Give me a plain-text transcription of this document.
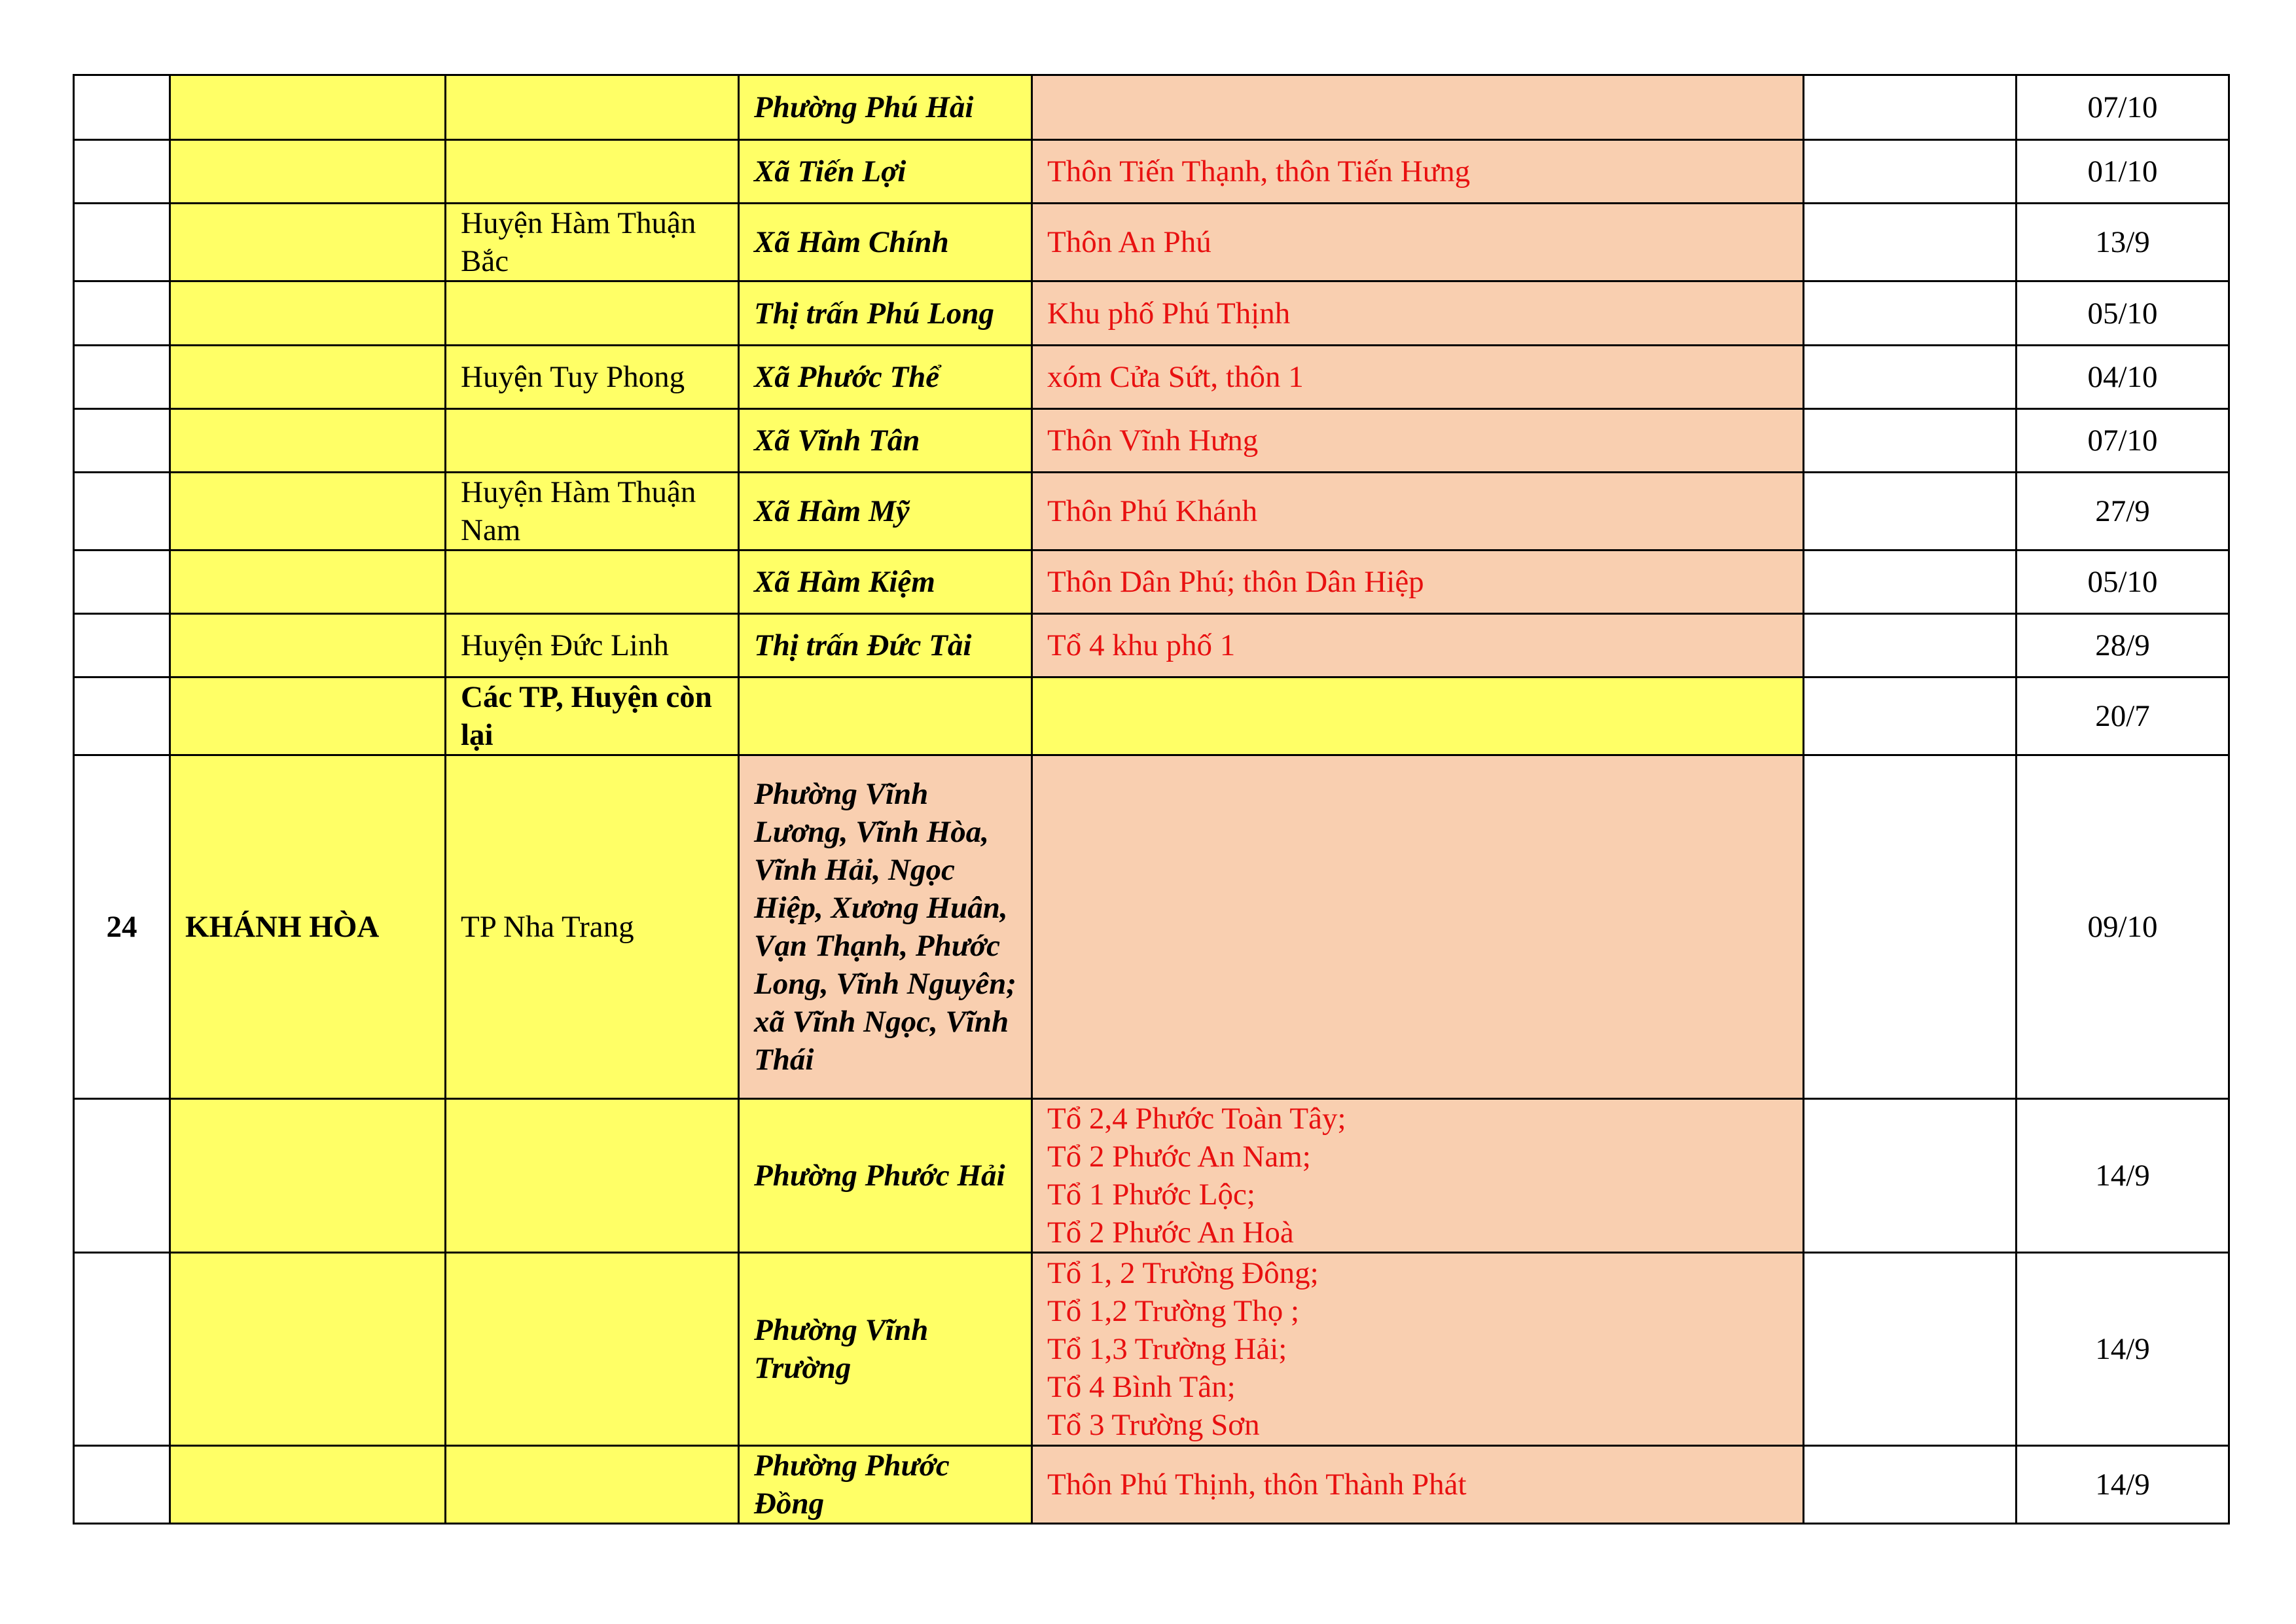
			Phường Phú Hài			07/10
			Xã Tiến Lợi	Thôn Tiến Thạnh, thôn Tiến Hưng		01/10
		Huyện Hàm Thuận Bắc	Xã Hàm Chính	Thôn An Phú		13/9
			Thị trấn Phú Long	Khu phố Phú Thịnh		05/10
		Huyện Tuy Phong	Xã Phước Thể	xóm Cửa Sứt, thôn 1		04/10
			Xã Vĩnh Tân	Thôn Vĩnh Hưng		07/10
		Huyện Hàm Thuận Nam	Xã Hàm Mỹ	Thôn Phú Khánh		27/9
			Xã Hàm Kiệm	Thôn Dân Phú; thôn Dân Hiệp		05/10
		Huyện Đức Linh	Thị trấn Đức Tài	Tổ 4 khu phố 1		28/9
		Các TP, Huyện còn lại				20/7
24	KHÁNH HÒA	TP Nha Trang	Phường Vĩnh Lương, Vĩnh Hòa, Vĩnh Hải, Ngọc Hiệp, Xương Huân, Vạn Thạnh, Phước Long, Vĩnh Nguyên;
xã Vĩnh Ngọc, Vĩnh Thái			09/10
			Phường Phước Hải	Tổ 2,4 Phước Toàn Tây;
Tổ 2 Phước An Nam;
Tổ 1 Phước Lộc;
Tổ 2 Phước An Hoà		14/9
			Phường Vĩnh Trường	Tổ 1, 2 Trường Đông;
Tổ 1,2 Trường Thọ ;
Tổ 1,3 Trường Hải;
Tổ 4 Bình Tân;
Tổ 3 Trường Sơn		14/9
			Phường Phước Đồng	Thôn Phú Thịnh, thôn Thành Phát		14/9
